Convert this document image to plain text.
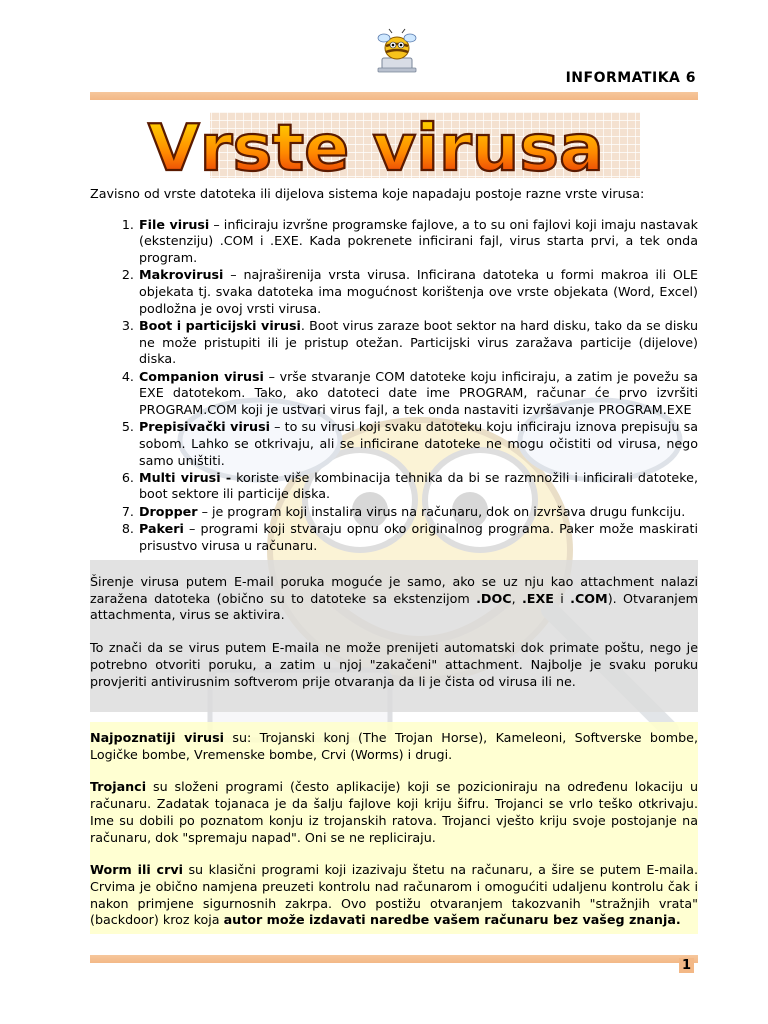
INFORMATIKA 6
Vrste virusa

Zavisno od vrste datoteka ili dijelova sistema koje napadaju postoje razne vrste virusa:

1. File virusi – inficiraju izvršne programske fajlove, a to su oni fajlovi koji imaju nastavak (ekstenziju) .COM i .EXE. Kada pokrenete inficirani fajl, virus starta prvi, a tek onda program.
2. Makrovirusi – najraširenija vrsta virusa. Inficirana datoteka u formi makroa ili OLE objekata tj. svaka datoteka ima mogućnost korištenja ove vrste objekata (Word, Excel) podložna je ovoj vrsti virusa.
3. Boot i particijski virusi. Boot virus zaraze boot sektor na hard disku, tako da se disku ne može pristupiti ili je pristup otežan. Particijski virus zaražava particije (dijelove) diska.
4. Companion virusi – vrše stvaranje COM datoteke koju inficiraju, a zatim je povežu sa EXE datotekom. Tako, ako datoteci date ime PROGRAM, računar će prvo izvršiti PROGRAM.COM koji je ustvari virus fajl, a tek onda nastaviti izvršavanje PROGRAM.EXE
5. Prepisivački virusi – to su virusi koji svaku datoteku koju inficiraju iznova prepisuju sa sobom. Lahko se otkrivaju, ali se inficirane datoteke ne mogu očistiti od virusa, nego samo uništiti.
6. Multi virusi - koriste više kombinacija tehnika da bi se razmnožili i inficirali datoteke, boot sektore ili particije diska.
7. Dropper – je program koji instalira virus na računaru, dok on izvršava drugu funkciju.
8. Pakeri – programi koji stvaraju opnu oko originalnog programa. Paker može maskirati prisustvo virusa u računaru.

Širenje virusa putem E-mail poruka moguće je samo, ako se uz nju kao attachment nalazi zaražena datoteka (obično su to datoteke sa ekstenzijom .DOC, .EXE i .COM). Otvaranjem attachmenta, virus se aktivira.

To znači da se virus putem E-maila ne može prenijeti automatski dok primate poštu, nego je potrebno otvoriti poruku, a zatim u njoj "zakačeni" attachment. Najbolje je svaku poruku provjeriti antivirusnim softverom prije otvaranja da li je čista od virusa ili ne.

Najpoznatiji virusi su: Trojanski konj (The Trojan Horse), Kameleoni, Softverske bombe, Logičke bombe, Vremenske bombe, Crvi (Worms) i drugi.

Trojanci su složeni programi (često aplikacije) koji se pozicioniraju na određenu lokaciju u računaru. Zadatak tojanaca je da šalju fajlove koji kriju šifru. Trojanci se vrlo teško otkrivaju. Ime su dobili po poznatom konju iz trojanskih ratova. Trojanci vješto kriju svoje postojanje na računaru, dok "spremaju napad". Oni se ne repliciraju.

Worm ili crvi su klasični programi koji izazivaju štetu na računaru, a šire se putem E-maila. Crvima je obično namjena preuzeti kontrolu nad računarom i omogućiti udaljenu kontrolu čak i nakon primjene sigurnosnih zakrpa. Ovo postižu otvaranjem takozvanih "stražnjih vrata" (backdoor) kroz koja autor može izdavati naredbe vašem računaru bez vašeg znanja.

1
